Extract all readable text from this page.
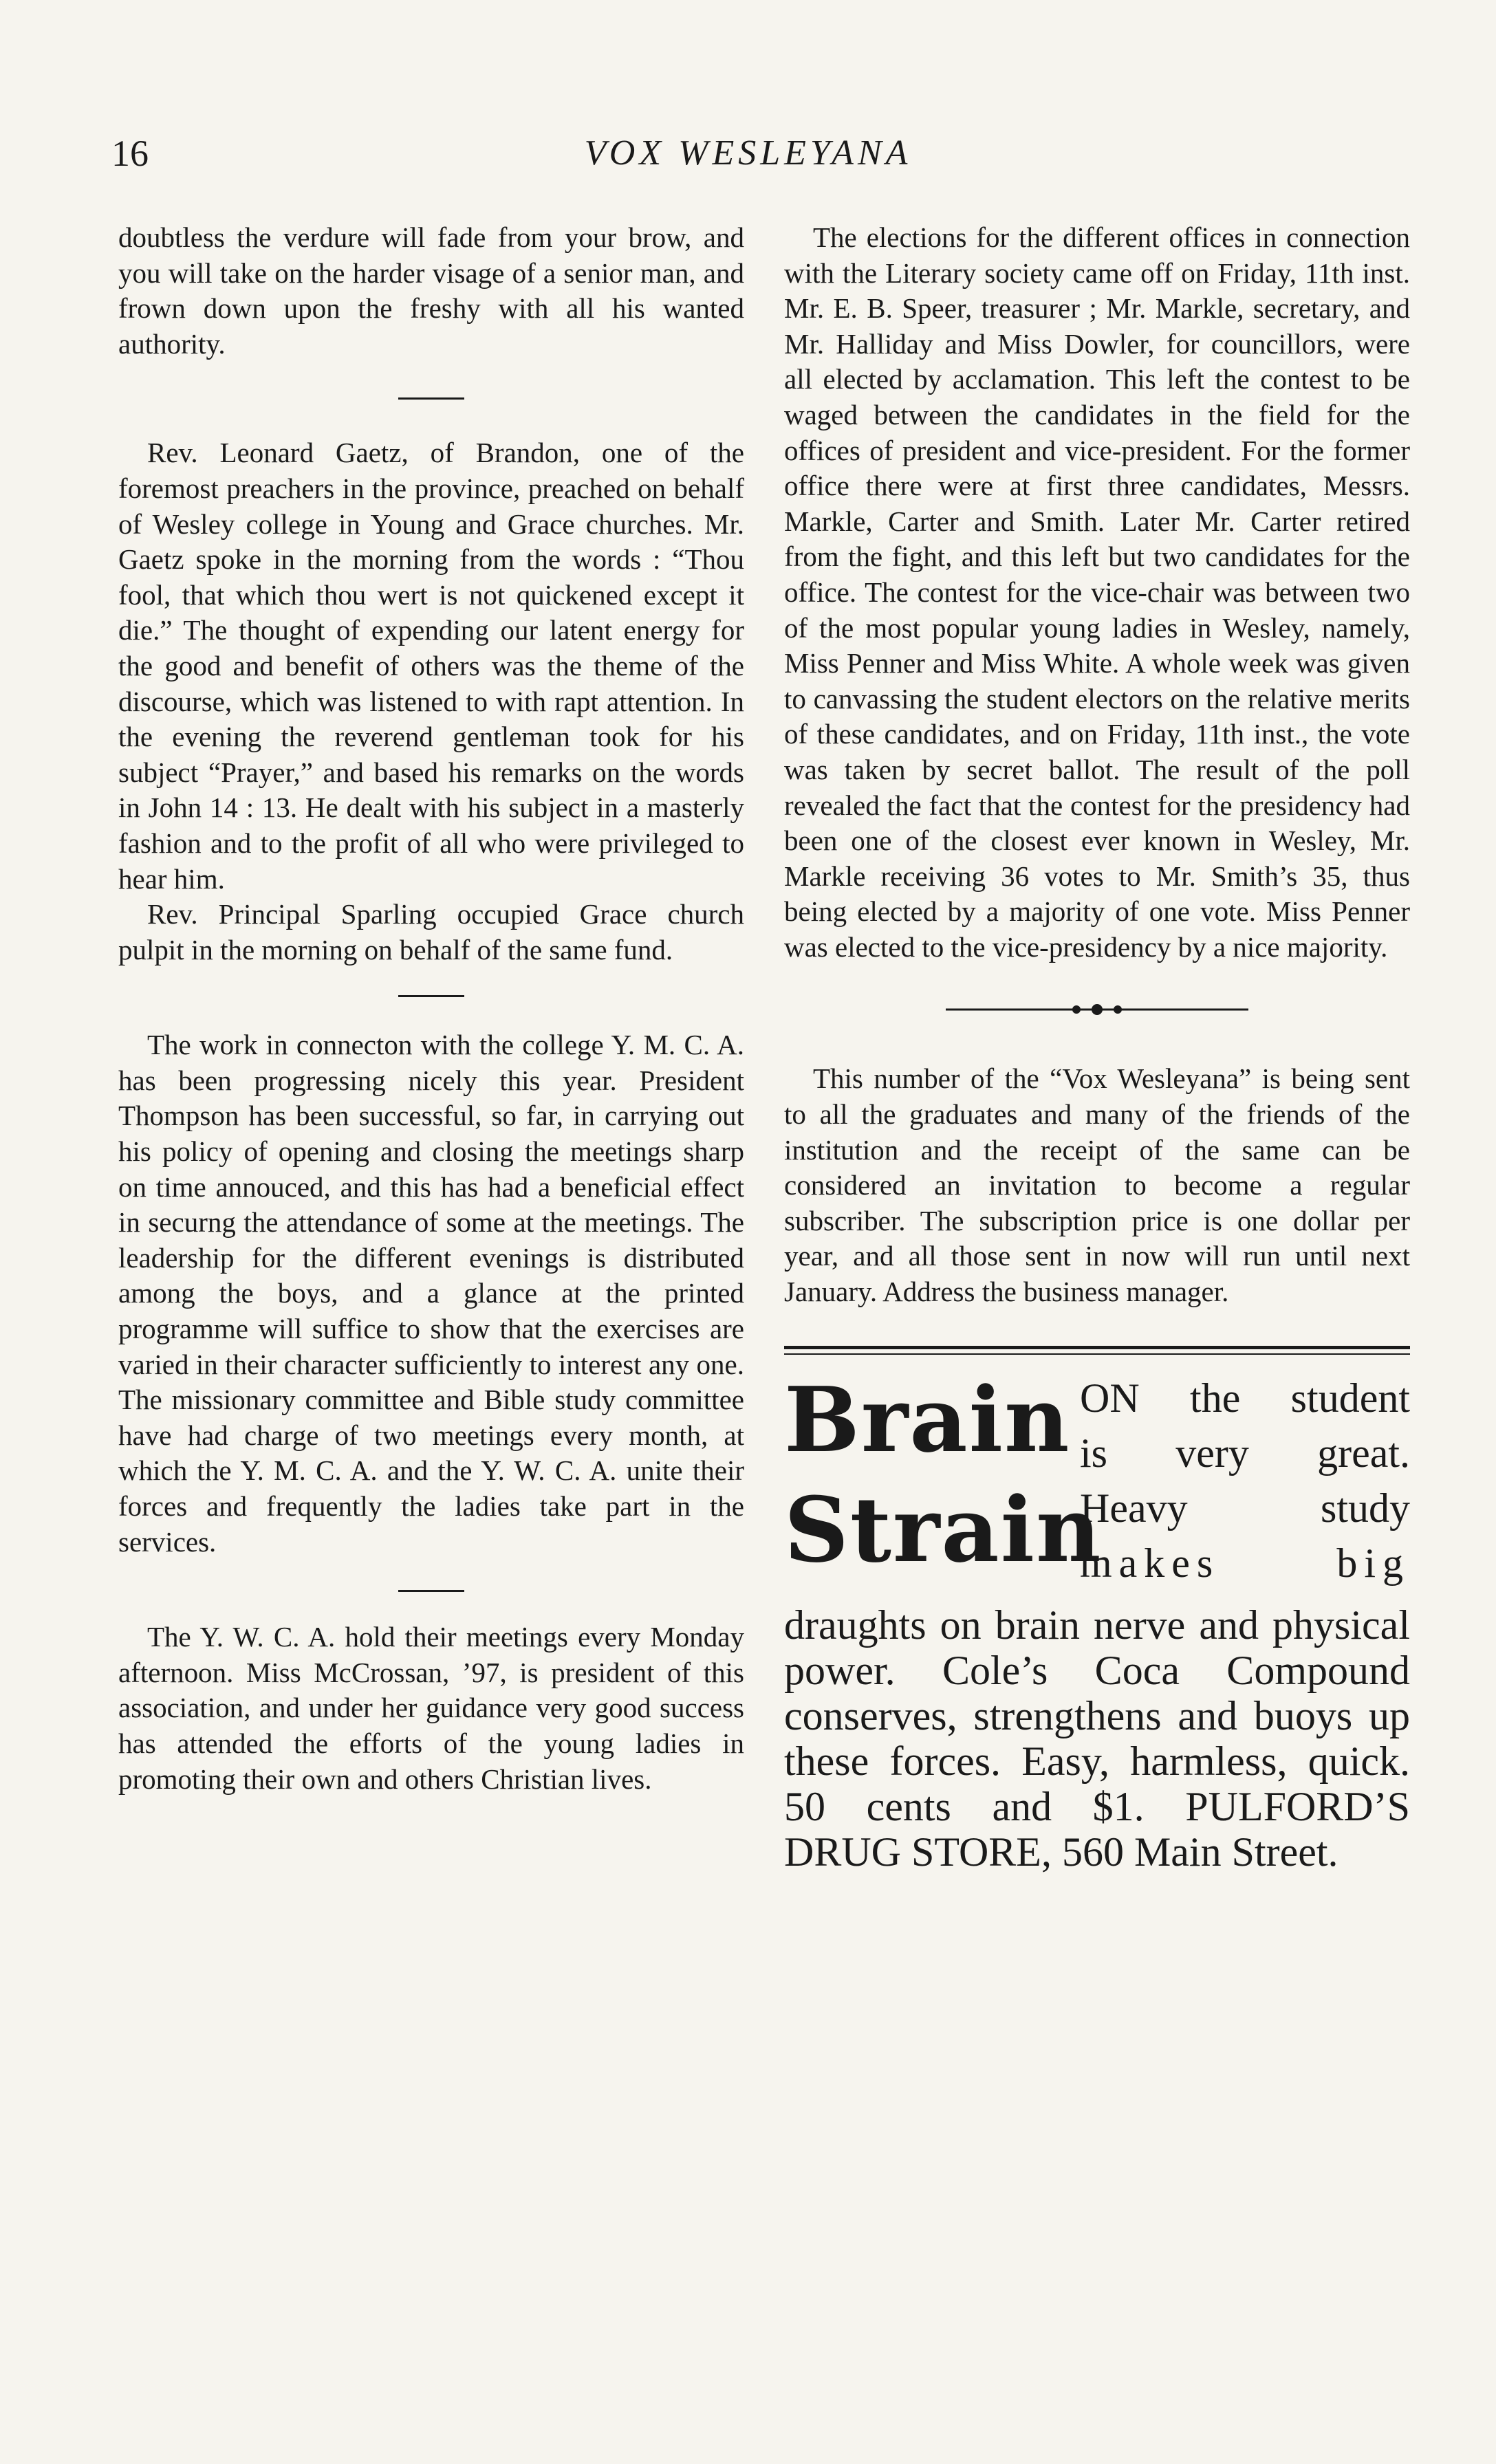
16	VOX WESLEYANA

doubtless the verdure will fade from your brow, and you will take on the harder visage of a senior man, and frown down upon the freshy with all his wanted authority.

Rev. Leonard Gaetz, of Brandon, one of the foremost preachers in the province, preached on behalf of Wesley college in Young and Grace churches. Mr. Gaetz spoke in the morning from the words : “Thou fool, that which thou wert is not quickened except it die.” The thought of expending our latent energy for the good and benefit of others was the theme of the discourse, which was listened to with rapt attention. In the evening the reverend gentleman took for his subject “Prayer,” and based his remarks on the words in John 14 : 13. He dealt with his subject in a masterly fashion and to the profit of all who were privileged to hear him.

Rev. Principal Sparling occupied Grace church pulpit in the morning on behalf of the same fund.

The work in connecton with the college Y. M. C. A. has been progressing nicely this year. President Thompson has been successful, so far, in carrying out his policy of opening and closing the meetings sharp on time annouced, and this has had a beneficial effect in securng the attendance of some at the meetings. The leadership for the different evenings is distributed among the boys, and a glance at the printed programme will suffice to show that the exercises are varied in their character sufficiently to interest any one. The missionary committee and Bible study committee have had charge of two meetings every month, at which the Y. M. C. A. and the Y. W. C. A. unite their forces and frequently the ladies take part in the services.

The Y. W. C. A. hold their meetings every Monday afternoon. Miss McCrossan, ’97, is president of this association, and under her guidance very good success has attended the efforts of the young ladies in promoting their own and others Christian lives.

The elections for the different offices in connection with the Literary society came off on Friday, 11th inst. Mr. E. B. Speer, treasurer ; Mr. Markle, secretary, and Mr. Halliday and Miss Dowler, for councillors, were all elected by acclamation. This left the contest to be waged between the candidates in the field for the offices of president and vice-president. For the former office there were at first three candidates, Messrs. Markle, Carter and Smith. Later Mr. Carter retired from the fight, and this left but two candidates for the office. The contest for the vice-chair was between two of the most popular young ladies in Wesley, namely, Miss Penner and Miss White. A whole week was given to canvassing the student electors on the relative merits of these candidates, and on Friday, 11th inst., the vote was taken by secret ballot. The result of the poll revealed the fact that the contest for the presidency had been one of the closest ever known in Wesley, Mr. Markle receiving 36 votes to Mr. Smith’s 35, thus being elected by a majority of one vote. Miss Penner was elected to the vice-presidency by a nice majority.

This number of the “Vox Wesleyana” is being sent to all the graduates and many of the friends of the institution and the receipt of the same can be considered an invitation to become a regular subscriber. The subscription price is one dollar per year, and all those sent in now will run until next January. Address the business manager.

Brain
Strain
ON the student
is very great.
Heavy study
makes big

draughts on brain nerve and physical power. Cole’s Coca Compound conserves, strengthens and buoys up these forces. Easy, harmless, quick. 50 cents and $1. PULFORD’S DRUG STORE, 560 Main Street.
